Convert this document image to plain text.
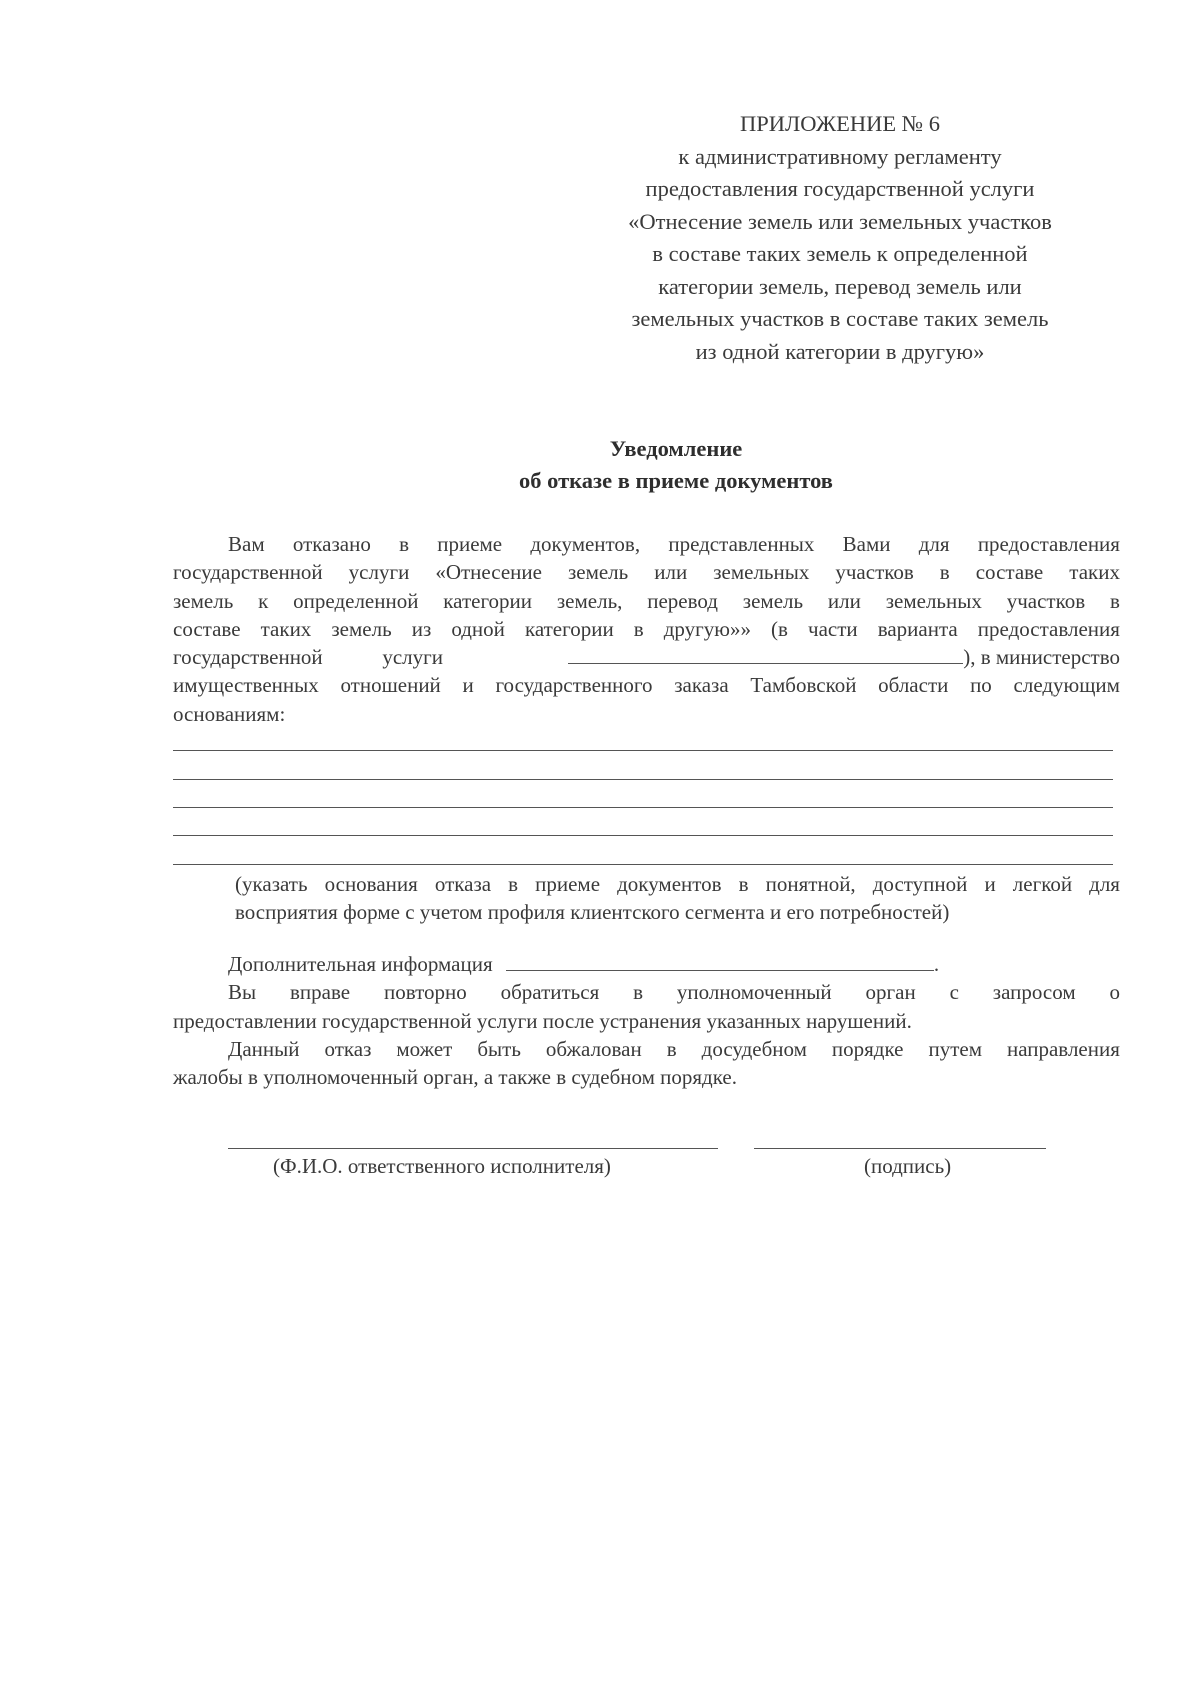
ПРИЛОЖЕНИЕ № 6
к административному регламенту
предоставления государственной услуги
«Отнесение земель или земельных участков
в составе таких земель к определенной
категории земель, перевод земель или
земельных участков в составе таких земель
из одной категории в другую»
Уведомление
об отказе в приеме документов
Вам отказано в приеме документов, представленных Вами для предоставления
государственной услуги «Отнесение земель или земельных участков в составе таких
земель к определенной категории земель, перевод земель или земельных участков в
составе таких земель из одной категории в другую»» (в части варианта предоставления
государственной	услуги	), в министерство
имущественных отношений и государственного заказа Тамбовской области по следующим
основаниям:
(указать основания отказа в приеме документов в понятной, доступной и легкой для
восприятия форме с учетом профиля клиентского сегмента и его потребностей)
Дополнительная информация	.
Вы вправе повторно обратиться в уполномоченный орган с запросом о
предоставлении государственной услуги после устранения указанных нарушений.
Данный отказ может быть обжалован в досудебном порядке путем направления
жалобы в уполномоченный орган, а также в судебном порядке.
(Ф.И.О. ответственного исполнителя)	(подпись)
